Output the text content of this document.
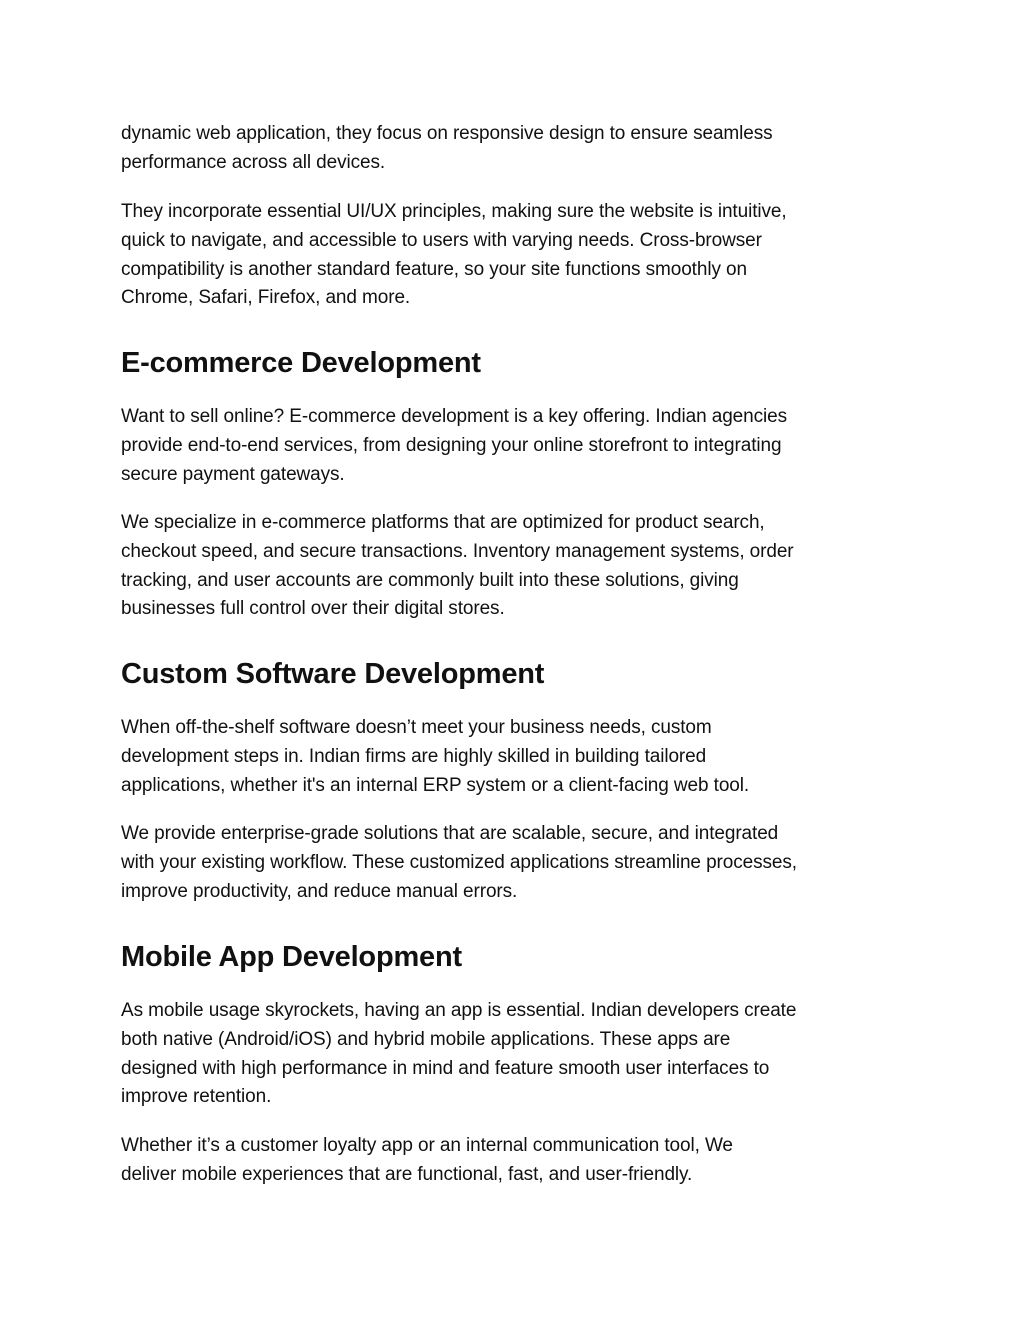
dynamic web application, they focus on responsive design to ensure seamless
performance across all devices.

They incorporate essential UI/UX principles, making sure the website is intuitive,
quick to navigate, and accessible to users with varying needs. Cross-browser
compatibility is another standard feature, so your site functions smoothly on
Chrome, Safari, Firefox, and more.

E-commerce Development

Want to sell online? E-commerce development is a key offering. Indian agencies
provide end-to-end services, from designing your online storefront to integrating
secure payment gateways.

We specialize in e-commerce platforms that are optimized for product search,
checkout speed, and secure transactions. Inventory management systems, order
tracking, and user accounts are commonly built into these solutions, giving
businesses full control over their digital stores.

Custom Software Development

When off-the-shelf software doesn’t meet your business needs, custom
development steps in. Indian firms are highly skilled in building tailored
applications, whether it's an internal ERP system or a client-facing web tool.

We provide enterprise-grade solutions that are scalable, secure, and integrated
with your existing workflow. These customized applications streamline processes,
improve productivity, and reduce manual errors.

Mobile App Development

As mobile usage skyrockets, having an app is essential. Indian developers create
both native (Android/iOS) and hybrid mobile applications. These apps are
designed with high performance in mind and feature smooth user interfaces to
improve retention.

Whether it’s a customer loyalty app or an internal communication tool, We
deliver mobile experiences that are functional, fast, and user-friendly.
